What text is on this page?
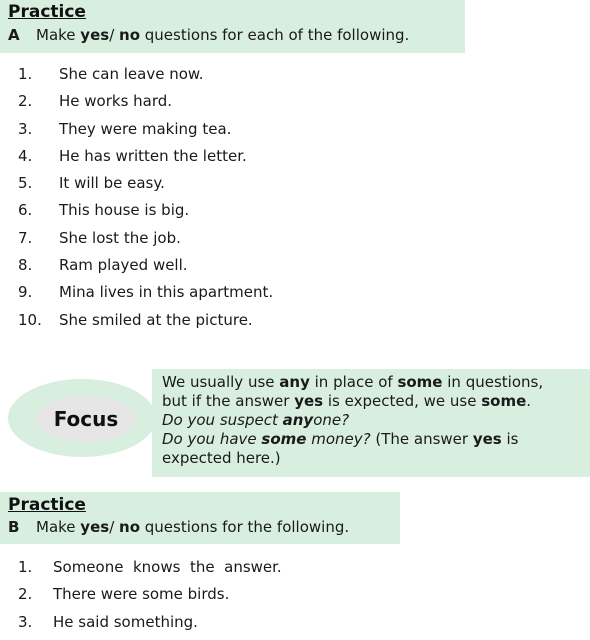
Practice
A Make yes/ no questions for each of the following.
1.	She can leave now.
2.	He works hard.
3.	They were making tea.
4.	He has written the letter.
5.	It will be easy.
6.	This house is big.
7.	She lost the job.
8.	Ram played well.
9.	Mina lives in this apartment.
10.	She smiled at the picture.
Focus
We usually use any in place of some in questions,
but if the answer yes is expected, we use some.
Do you suspect anyone?
Do you have some money? (The answer yes is
expected here.)
Practice
B Make yes/ no questions for the following.
1.	Someone  knows  the  answer.
2.	There were some birds.
3.	He said something.
